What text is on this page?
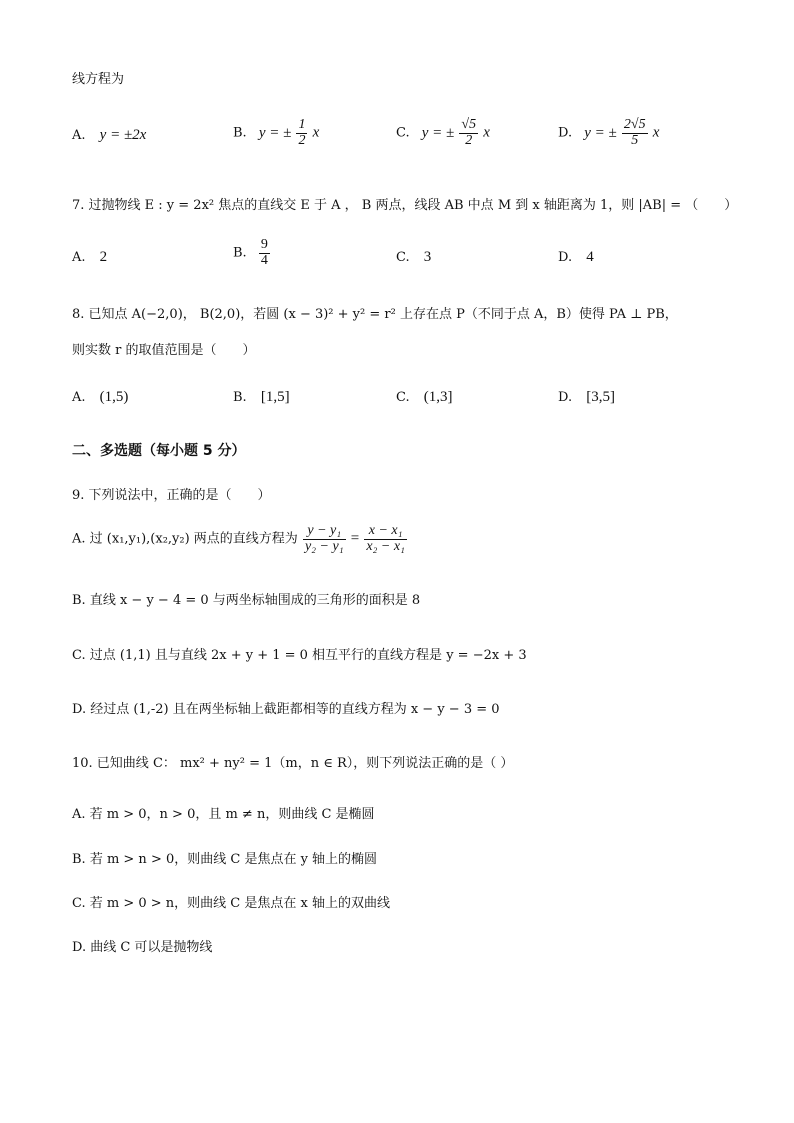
线方程为
A. y = ±2x	B. y = ± $\frac{1}{2}$ x	C. y = ± $\frac{√5}{2}$ x	D. y = ± $\frac{2√5}{5}$ x
7. 过抛物线 E : y = 2x² 焦点的直线交 E 于 A ， B 两点，线段 AB 中点 M 到 x 轴距离为 1，则 |AB| = （　　）
A. 2	B. $\frac{9}{4}$	C. 3	D. 4
8. 已知点 A(−2,0)， B(2,0)，若圆 (x − 3)² + y² = r² 上存在点 P（不同于点 A，B）使得 PA ⊥ PB，
则实数 r 的取值范围是（　　）
A. (1,5)	B. [1,5]	C. (1,3]	D. [3,5]
二、多选题（每小题 5 分）
9. 下列说法中，正确的是（　　）
A. 过 (x₁,y₁),(x₂,y₂) 两点的直线方程为 $\frac{\text{y − y₁}}{\text{y₂ − y₁}} = \frac{\text{x − x₁}}{\text{x₂ − x₁}}$
B. 直线 x − y − 4 = 0 与两坐标轴围成的三角形的面积是 8
C. 过点 (1,1) 且与直线 2x + y + 1 = 0 相互平行的直线方程是 y = −2x + 3
D. 经过点 (1,-2) 且在两坐标轴上截距都相等的直线方程为 x − y − 3 = 0
10. 已知曲线 C： mx² + ny² = 1（m，n ∈ R），则下列说法正确的是（ ）
A. 若 m > 0，n > 0，且 m ≠ n，则曲线 C 是椭圆
B. 若 m > n > 0，则曲线 C 是焦点在 y 轴上的椭圆
C. 若 m > 0 > n，则曲线 C 是焦点在 x 轴上的双曲线
D. 曲线 C 可以是抛物线
